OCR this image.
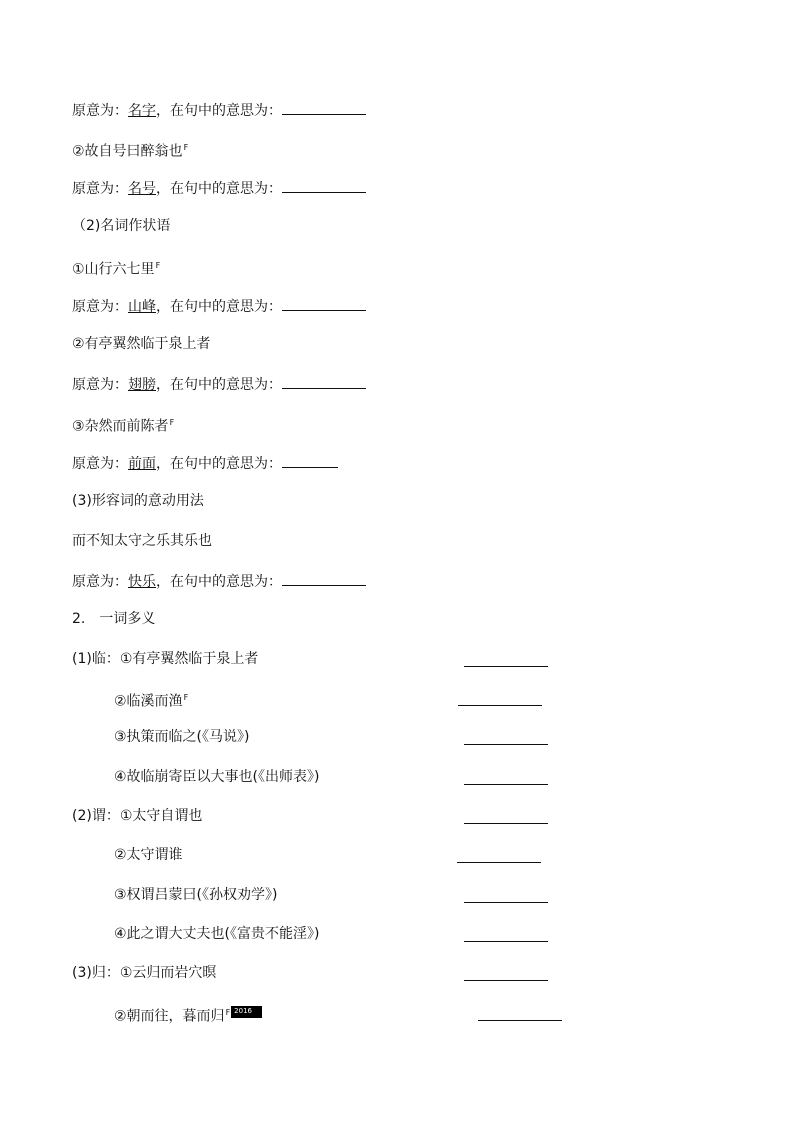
原意为：名字，在句中的意思为：
②故自号曰醉翁也$^F$
原意为：名号，在句中的意思为：
（2)名词作状语
①山行六七里$^F$
原意为：山峰，在句中的意思为：
②有亭翼然临于泉上者
原意为：翅膀，在句中的意思为：
③杂然而前陈者$^F$
原意为：前面，在句中的意思为：
(3)形容词的意动用法
而不知太守之乐其乐也
原意为：快乐，在句中的意思为：
2.　一词多义
(1)临：①有亭翼然临于泉上者
②临溪而渔$^F$
③执策而临之(《马说》)
④故临崩寄臣以大事也(《出师表》)
(2)谓：①太守自谓也
②太守谓谁
③权谓吕蒙曰(《孙权劝学》)
④此之谓大丈夫也(《富贵不能淫》)
(3)归：①云归而岩穴暝
②朝而往，暮而归$^F$ 2016
